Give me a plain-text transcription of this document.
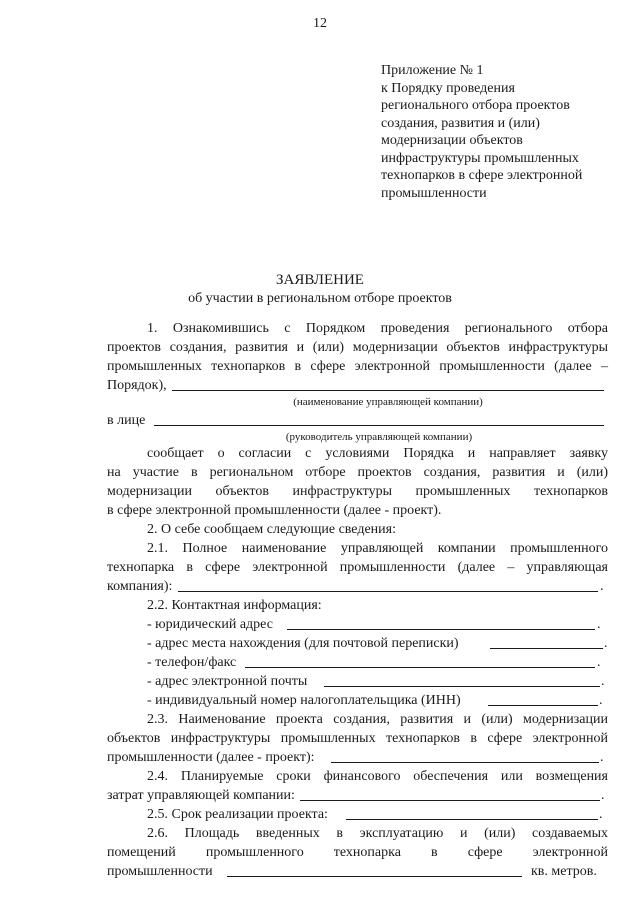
12
Приложение № 1
к Порядку проведения
регионального отбора проектов
создания, развития и (или)
модернизации объектов
инфраструктуры промышленных
технопарков в сфере электронной
промышленности
ЗАЯВЛЕНИЕ
об участии в региональном отборе проектов
1. Ознакомившись с Порядком проведения регионального отбора
проектов создания, развития и (или) модернизации объектов инфраструктуры
промышленных технопарков в сфере электронной промышленности (далее –
Порядок),
(наименование управляющей компании)
в лице
(руководитель управляющей компании)
сообщает о согласии с условиями Порядка и направляет заявку
на участие в региональном отборе проектов создания, развития и (или)
модернизации объектов инфраструктуры промышленных технопарков
в сфере электронной промышленности (далее - проект).
2. О себе сообщаем следующие сведения:
2.1. Полное наименование управляющей компании промышленного
технопарка в сфере электронной промышленности (далее – управляющая
компания):	.
2.2. Контактная информация:
- юридический адрес	.
- адрес места нахождения (для почтовой переписки)	.
- телефон/факс	.
- адрес электронной почты	.
- индивидуальный номер налогоплательщика (ИНН)	.
2.3. Наименование проекта создания, развития и (или) модернизации
объектов инфраструктуры промышленных технопарков в сфере электронной
промышленности (далее - проект):	.
2.4. Планируемые сроки финансового обеспечения или возмещения
затрат управляющей компании:	.
2.5. Срок реализации проекта:	.
2.6. Площадь введенных в эксплуатацию и (или) создаваемых
помещений промышленного технопарка в сфере электронной
промышленности	кв. метров.
